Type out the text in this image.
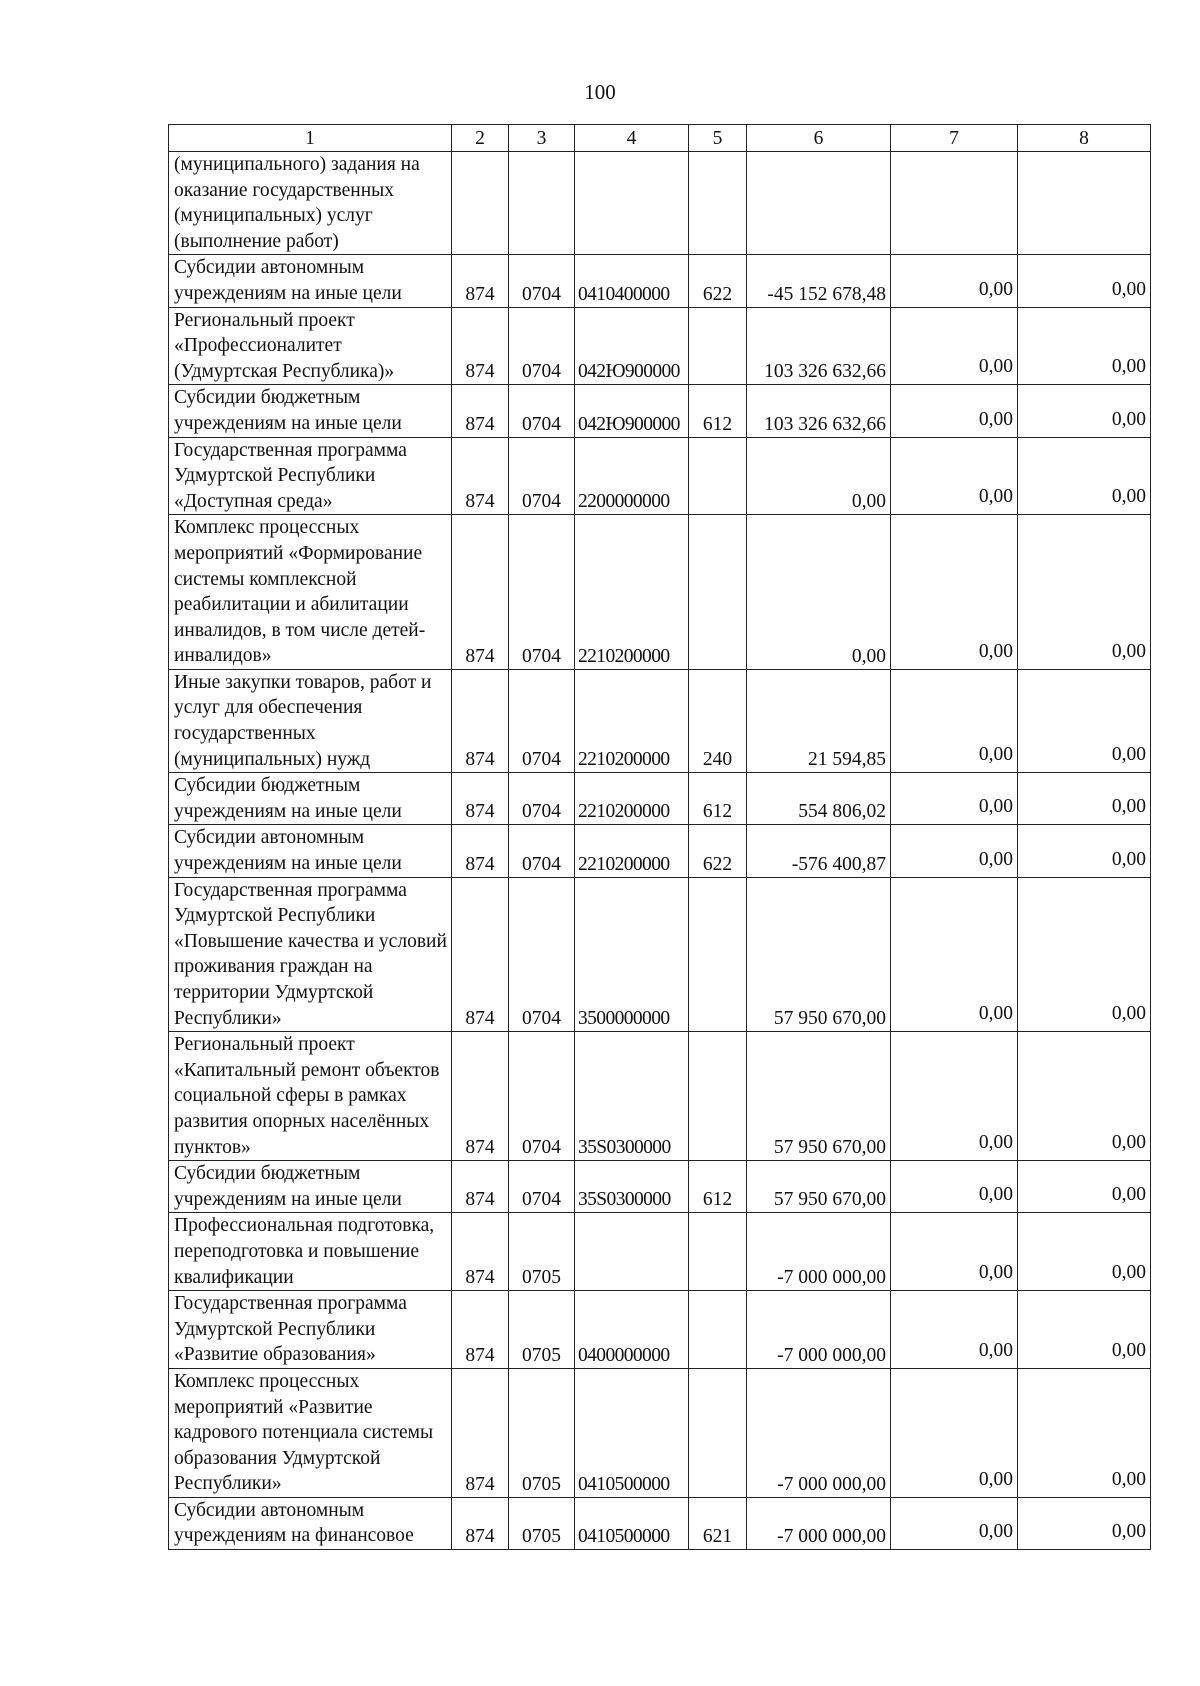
100
1	2	3	4	5	6	7	8
(муниципального) задания на оказание государственных (муниципальных) услуг (выполнение работ)							
Субсидии автономным учреждениям на иные цели	874	0704	0410400000	622	-45 152 678,48	0,00	0,00
Региональный проект «Профессионалитет (Удмуртская Республика)»	874	0704	042Ю900000		103 326 632,66	0,00	0,00
Субсидии бюджетным учреждениям на иные цели	874	0704	042Ю900000	612	103 326 632,66	0,00	0,00
Государственная программа Удмуртской Республики «Доступная среда»	874	0704	2200000000		0,00	0,00	0,00
Комплекс процессных мероприятий «Формирование системы комплексной реабилитации и абилитации инвалидов, в том числе детей-инвалидов»	874	0704	2210200000		0,00	0,00	0,00
Иные закупки товаров, работ и услуг для обеспечения государственных (муниципальных) нужд	874	0704	2210200000	240	21 594,85	0,00	0,00
Субсидии бюджетным учреждениям на иные цели	874	0704	2210200000	612	554 806,02	0,00	0,00
Субсидии автономным учреждениям на иные цели	874	0704	2210200000	622	-576 400,87	0,00	0,00
Государственная программа Удмуртской Республики «Повышение качества и условий проживания граждан на территории Удмуртской Республики»	874	0704	3500000000		57 950 670,00	0,00	0,00
Региональный проект «Капитальный ремонт объектов социальной сферы в рамках развития опорных населённых пунктов»	874	0704	35S0300000		57 950 670,00	0,00	0,00
Субсидии бюджетным учреждениям на иные цели	874	0704	35S0300000	612	57 950 670,00	0,00	0,00
Профессиональная подготовка, переподготовка и повышение квалификации	874	0705			-7 000 000,00	0,00	0,00
Государственная программа Удмуртской Республики «Развитие образования»	874	0705	0400000000		-7 000 000,00	0,00	0,00
Комплекс процессных мероприятий «Развитие кадрового потенциала системы образования Удмуртской Республики»	874	0705	0410500000		-7 000 000,00	0,00	0,00
Субсидии автономным учреждениям на финансовое	874	0705	0410500000	621	-7 000 000,00	0,00	0,00
